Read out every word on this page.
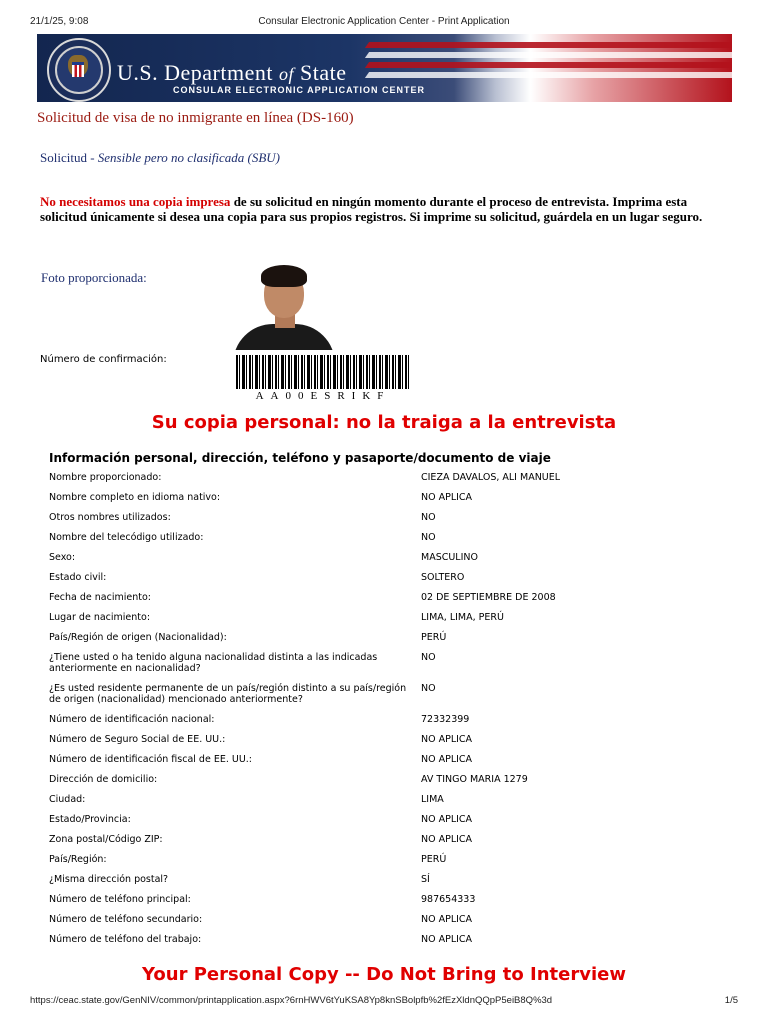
21/1/25, 9:08	Consular Electronic Application Center - Print Application
U.S. Department of State
CONSULAR ELECTRONIC APPLICATION CENTER
Solicitud de visa de no inmigrante en línea (DS-160)
Solicitud - Sensible pero no clasificada (SBU)
No necesitamos una copia impresa de su solicitud en ningún momento durante el proceso de entrevista. Imprima esta solicitud únicamente si desea una copia para sus propios registros. Si imprime su solicitud, guárdela en un lugar seguro.
Foto proporcionada:
Número de confirmación:
AA00ESRIKF
Su copia personal: no la traiga a la entrevista
Información personal, dirección, teléfono y pasaporte/documento de viaje
Nombre proporcionado:	CIEZA DAVALOS, ALI MANUEL
Nombre completo en idioma nativo:	NO APLICA
Otros nombres utilizados:	NO
Nombre del telecódigo utilizado:	NO
Sexo:	MASCULINO
Estado civil:	SOLTERO
Fecha de nacimiento:	02 DE SEPTIEMBRE DE 2008
Lugar de nacimiento:	LIMA, LIMA, PERÚ
País/Región de origen (Nacionalidad):	PERÚ
¿Tiene usted o ha tenido alguna nacionalidad distinta a las indicadas anteriormente en nacionalidad?
NO
¿Es usted residente permanente de un país/región distinto a su país/región de origen (nacionalidad) mencionado anteriormente?
NO
Número de identificación nacional:	72332399
Número de Seguro Social de EE. UU.:	NO APLICA
Número de identificación fiscal de EE. UU.:	NO APLICA
Dirección de domicilio:	AV TINGO MARIA 1279
Ciudad:	LIMA
Estado/Provincia:	NO APLICA
Zona postal/Código ZIP:	NO APLICA
País/Región:	PERÚ
¿Misma dirección postal?	SÍ
Número de teléfono principal:	987654333
Número de teléfono secundario:	NO APLICA
Número de teléfono del trabajo:	NO APLICA
Your Personal Copy -- Do Not Bring to Interview
https://ceac.state.gov/GenNIV/common/printapplication.aspx?6rnHWV6tYuKSA8Yp8knSBolpfb%2fEzXldnQQpP5eiB8Q%3d	1/5
